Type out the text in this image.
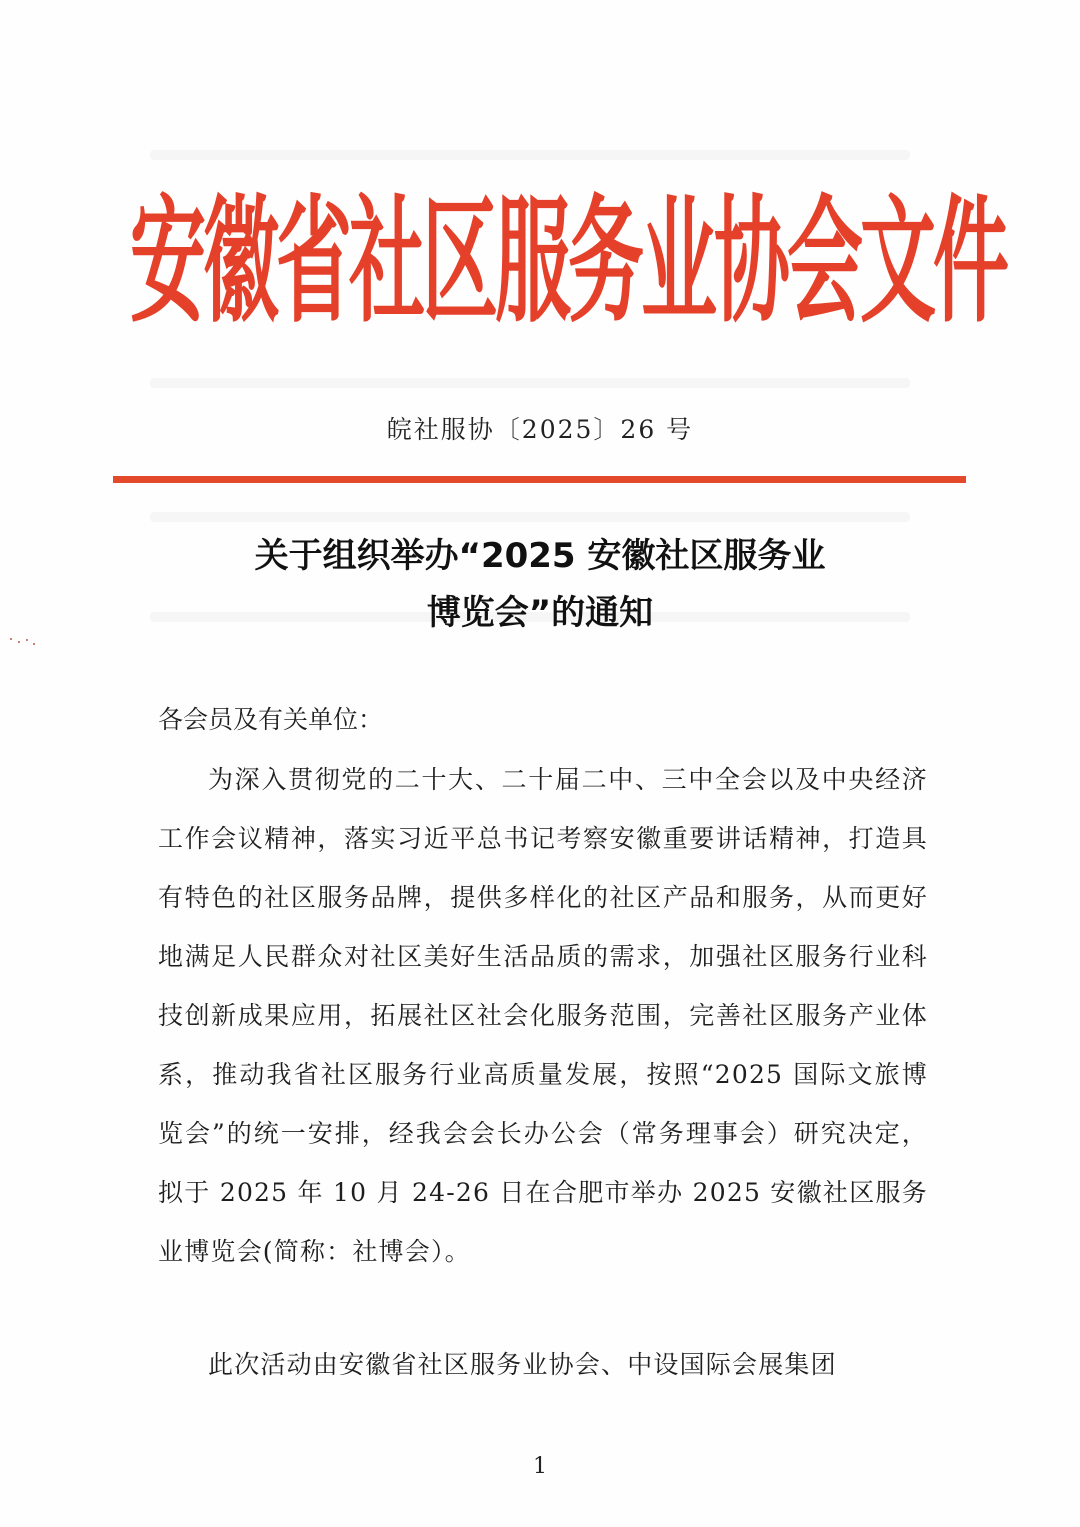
安徽省社区服务业协会文件
皖社服协〔2025〕26 号
关于组织举办“2025 安徽社区服务业
博览会”的通知
各会员及有关单位：
为深入贯彻党的二十大、二十届二中、三中全会以及中央经济工作会议精神，落实习近平总书记考察安徽重要讲话精神，打造具有特色的社区服务品牌，提供多样化的社区产品和服务，从而更好地满足人民群众对社区美好生活品质的需求，加强社区服务行业科技创新成果应用，拓展社区社会化服务范围，完善社区服务产业体系，推动我省社区服务行业高质量发展，按照“2025 国际文旅博览会”的统一安排，经我会会长办公会（常务理事会）研究决定，拟于 2025 年 10 月 24-26 日在合肥市举办 2025 安徽社区服务业博览会(简称：社博会）。
此次活动由安徽省社区服务业协会、中设国际会展集团
1
